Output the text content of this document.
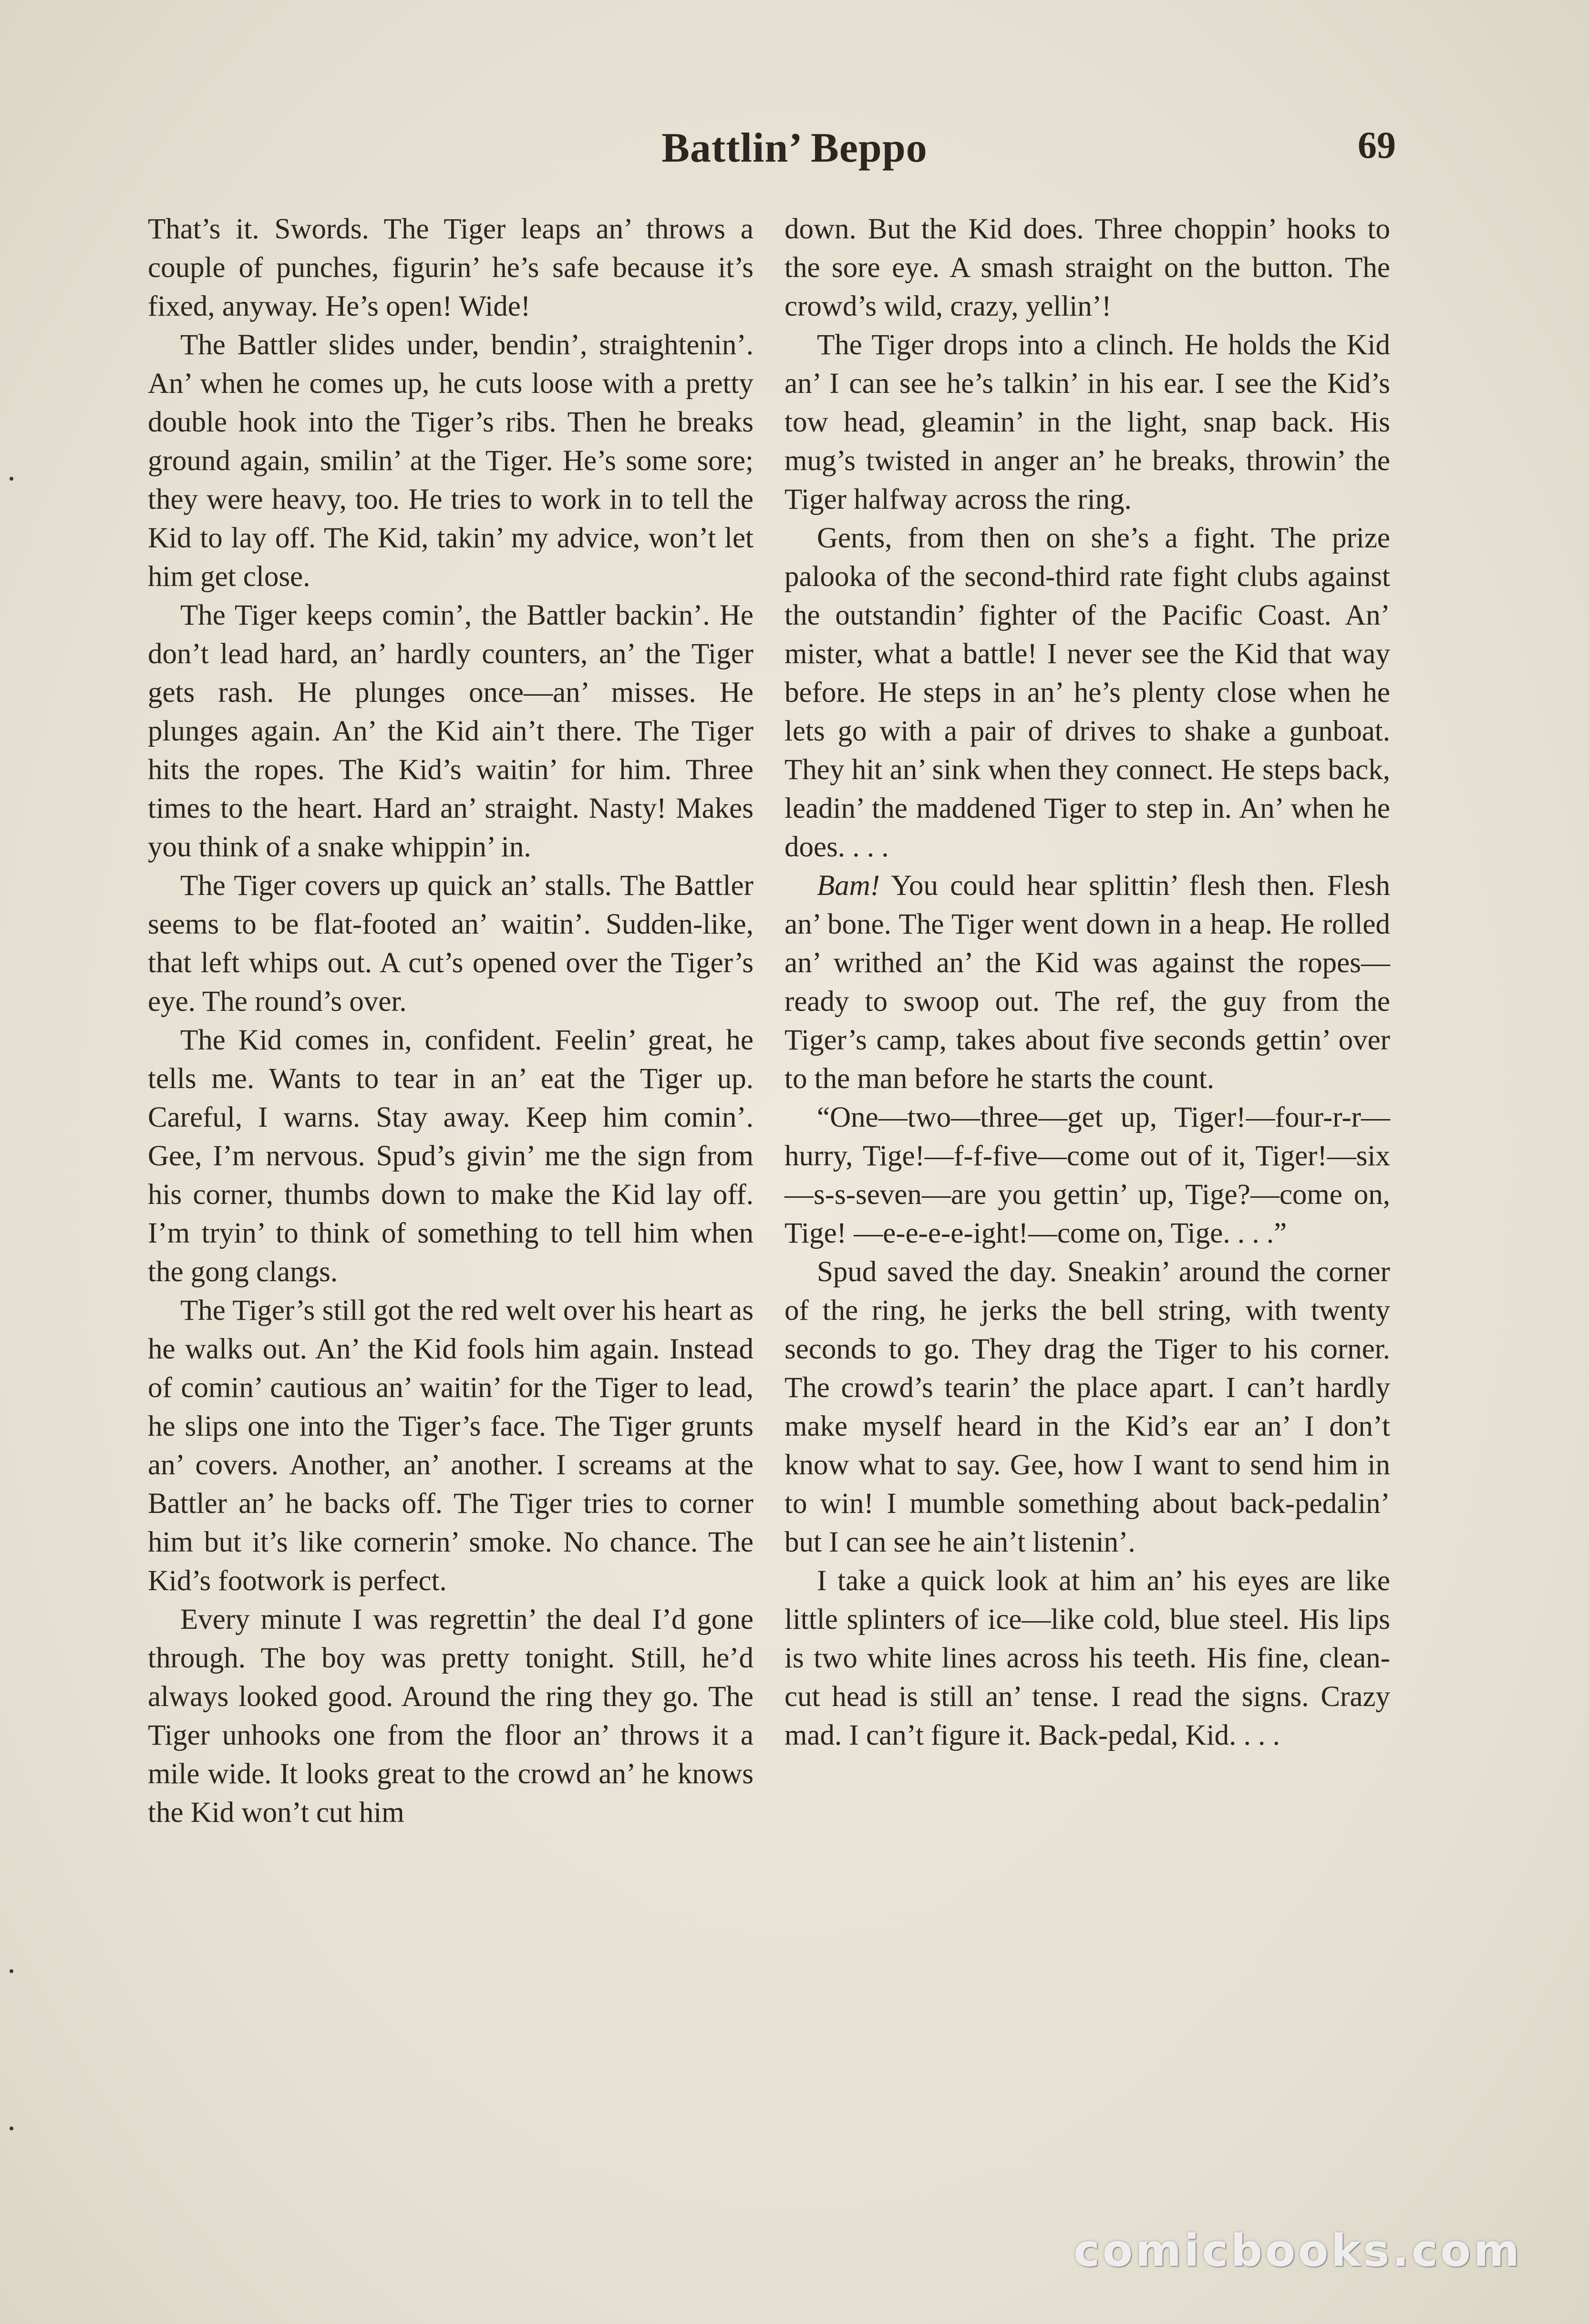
Battlin’ Beppo	69

That’s it. Swords. The Tiger leaps an’ throws a couple of punches, figurin’ he’s safe because it’s fixed, anyway. He’s open! Wide!

The Battler slides under, bendin’, straightenin’. An’ when he comes up, he cuts loose with a pretty double hook into the Tiger’s ribs. Then he breaks ground again, smilin’ at the Tiger. He’s some sore; they were heavy, too. He tries to work in to tell the Kid to lay off. The Kid, takin’ my advice, won’t let him get close.

The Tiger keeps comin’, the Battler backin’. He don’t lead hard, an’ hardly counters, an’ the Tiger gets rash. He plunges once—an’ misses. He plunges again. An’ the Kid ain’t there. The Tiger hits the ropes. The Kid’s waitin’ for him. Three times to the heart. Hard an’ straight. Nasty! Makes you think of a snake whippin’ in.

The Tiger covers up quick an’ stalls. The Battler seems to be flat-footed an’ waitin’. Sudden-like, that left whips out. A cut’s opened over the Tiger’s eye. The round’s over.

The Kid comes in, confident. Feelin’ great, he tells me. Wants to tear in an’ eat the Tiger up. Careful, I warns. Stay away. Keep him comin’. Gee, I’m nervous. Spud’s givin’ me the sign from his corner, thumbs down to make the Kid lay off. I’m tryin’ to think of something to tell him when the gong clangs.

The Tiger’s still got the red welt over his heart as he walks out. An’ the Kid fools him again. Instead of comin’ cautious an’ waitin’ for the Tiger to lead, he slips one into the Tiger’s face. The Tiger grunts an’ covers. Another, an’ another. I screams at the Battler an’ he backs off. The Tiger tries to corner him but it’s like cornerin’ smoke. No chance. The Kid’s footwork is perfect.

Every minute I was regrettin’ the deal I’d gone through. The boy was pretty tonight. Still, he’d always looked good. Around the ring they go. The Tiger unhooks one from the floor an’ throws it a mile wide. It looks great to the crowd an’ he knows the Kid won’t cut him

down. But the Kid does. Three choppin’ hooks to the sore eye. A smash straight on the button. The crowd’s wild, crazy, yellin’!

The Tiger drops into a clinch. He holds the Kid an’ I can see he’s talkin’ in his ear. I see the Kid’s tow head, gleamin’ in the light, snap back. His mug’s twisted in anger an’ he breaks, throwin’ the Tiger halfway across the ring.

Gents, from then on she’s a fight. The prize palooka of the second-third rate fight clubs against the outstandin’ fighter of the Pacific Coast. An’ mister, what a battle! I never see the Kid that way before. He steps in an’ he’s plenty close when he lets go with a pair of drives to shake a gunboat. They hit an’ sink when they connect. He steps back, leadin’ the maddened Tiger to step in. An’ when he does. . . .

Bam! You could hear splittin’ flesh then. Flesh an’ bone. The Tiger went down in a heap. He rolled an’ writhed an’ the Kid was against the ropes—ready to swoop out. The ref, the guy from the Tiger’s camp, takes about five seconds gettin’ over to the man before he starts the count.

“One—two—three—get up, Tiger!—four-r-r—hurry, Tige!—f-f-five—come out of it, Tiger!—six—s-s-seven—are you gettin’ up, Tige?—come on, Tige! —e-e-e-e-ight!—come on, Tige. . . .”

Spud saved the day. Sneakin’ around the corner of the ring, he jerks the bell string, with twenty seconds to go. They drag the Tiger to his corner. The crowd’s tearin’ the place apart. I can’t hardly make myself heard in the Kid’s ear an’ I don’t know what to say. Gee, how I want to send him in to win! I mumble something about back-pedalin’ but I can see he ain’t listenin’.

I take a quick look at him an’ his eyes are like little splinters of ice—like cold, blue steel. His lips is two white lines across his teeth. His fine, clean-cut head is still an’ tense. I read the signs. Crazy mad. I can’t figure it. Back-pedal, Kid. . . .

comicbooks.com
